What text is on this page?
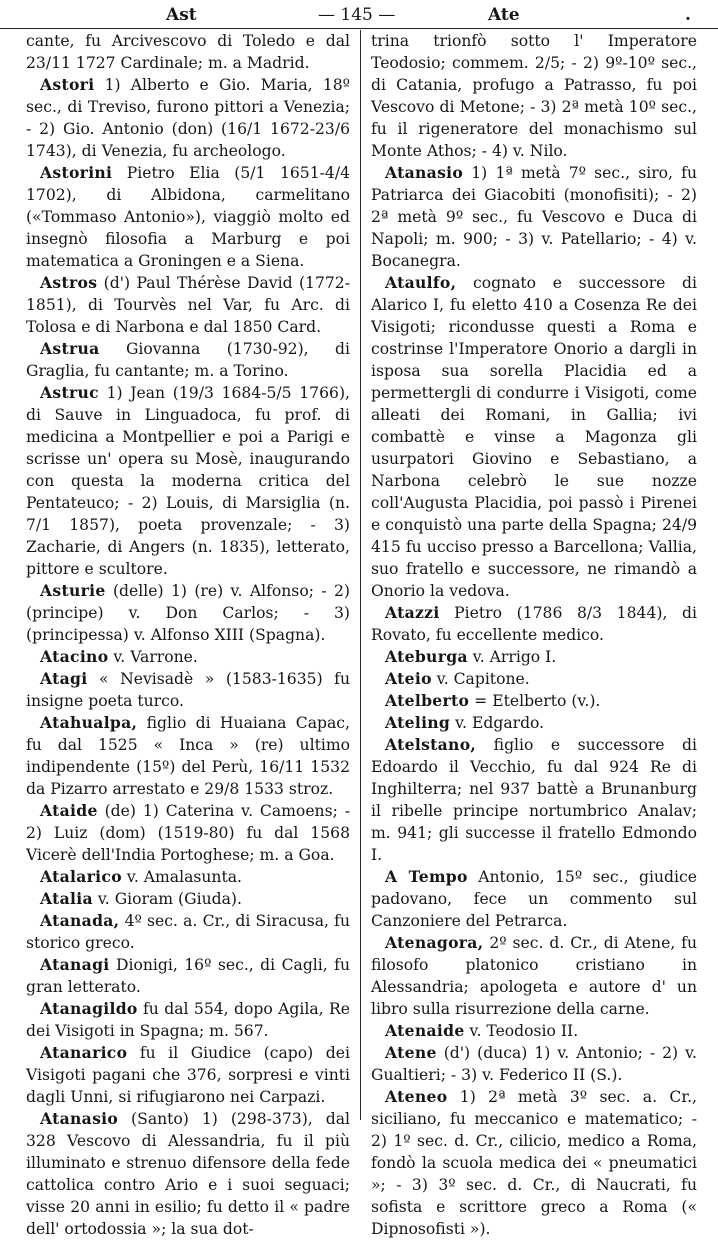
Ast	— 145 —	Ate	.
cante, fu Arcivescovo di Toledo e dal 23/11 1727 Cardinale; m. a Madrid.
Astori 1) Alberto e Gio. Maria, 18º sec., di Treviso, furono pittori a Venezia; - 2) Gio. Antonio (don) (16/1 1672-23/6 1743), di Venezia, fu archeologo.
Astorini Pietro Elia (5/1 1651-4/4 1702), di Albidona, carmelitano («Tommaso Antonio»), viaggiò molto ed insegnò filosofia a Marburg e poi matematica a Groningen e a Siena.
Astros (d') Paul Thérèse David (1772-1851), di Tourvès nel Var, fu Arc. di Tolosa e di Narbona e dal 1850 Card.
Astrua Giovanna (1730-92), di Graglia, fu cantante; m. a Torino.
Astruc 1) Jean (19/3 1684-5/5 1766), di Sauve in Linguadoca, fu prof. di medicina a Montpellier e poi a Parigi e scrisse un' opera su Mosè, inaugurando con questa la moderna critica del Pentateuco; - 2) Louis, di Marsiglia (n. 7/1 1857), poeta provenzale; - 3) Zacharie, di Angers (n. 1835), letterato, pittore e scultore.
Asturie (delle) 1) (re) v. Alfonso; - 2) (principe) v. Don Carlos; - 3) (principessa) v. Alfonso XIII (Spagna).
Atacino v. Varrone.
Atagi « Nevisadè » (1583-1635) fu insigne poeta turco.
Atahualpa, figlio di Huaiana Capac, fu dal 1525 « Inca » (re) ultimo indipendente (15º) del Perù, 16/11 1532 da Pizarro arrestato e 29/8 1533 stroz.
Ataide (de) 1) Caterina v. Camoens; - 2) Luiz (dom) (1519-80) fu dal 1568 Vicerè dell'India Portoghese; m. a Goa.
Atalarico v. Amalasunta.
Atalia v. Gioram (Giuda).
Atanada, 4º sec. a. Cr., di Siracusa, fu storico greco.
Atanagi Dionigi, 16º sec., di Cagli, fu gran letterato.
Atanagildo fu dal 554, dopo Agila, Re dei Visigoti in Spagna; m. 567.
Atanarico fu il Giudice (capo) dei Visigoti pagani che 376, sorpresi e vinti dagli Unni, si rifugiarono nei Carpazi.
Atanasio (Santo) 1) (298-373), dal 328 Vescovo di Alessandria, fu il più illuminato e strenuo difensore della fede cattolica contro Ario e i suoi seguaci; visse 20 anni in esilio; fu detto il « padre dell' ortodossia »; la sua dot-
trina trionfò sotto l' Imperatore Teodosio; commem. 2/5; - 2) 9º-10º sec., di Catania, profugo a Patrasso, fu poi Vescovo di Metone; - 3) 2ª metà 10º sec., fu il rigeneratore del monachismo sul Monte Athos; - 4) v. Nilo.
Atanasio 1) 1ª metà 7º sec., siro, fu Patriarca dei Giacobiti (monofisiti); - 2) 2ª metà 9º sec., fu Vescovo e Duca di Napoli; m. 900; - 3) v. Patellario; - 4) v. Bocanegra.
Ataulfo, cognato e successore di Alarico I, fu eletto 410 a Cosenza Re dei Visigoti; ricondusse questi a Roma e costrinse l'Imperatore Onorio a dargli in isposa sua sorella Placidia ed a permettergli di condurre i Visigoti, come alleati dei Romani, in Gallia; ivi combattè e vinse a Magonza gli usurpatori Giovino e Sebastiano, a Narbona celebrò le sue nozze coll'Augusta Placidia, poi passò i Pirenei e conquistò una parte della Spagna; 24/9 415 fu ucciso presso a Barcellona; Vallia, suo fratello e successore, ne rimandò a Onorio la vedova.
Atazzi Pietro (1786 8/3 1844), di Rovato, fu eccellente medico.
Ateburga v. Arrigo I.
Ateio v. Capitone.
Atelberto = Etelberto (v.).
Ateling v. Edgardo.
Atelstano, figlio e successore di Edoardo il Vecchio, fu dal 924 Re di Inghilterra; nel 937 battè a Brunanburg il ribelle principe nortumbrico Analav; m. 941; gli successe il fratello Edmondo I.
A Tempo Antonio, 15º sec., giudice padovano, fece un commento sul Canzoniere del Petrarca.
Atenagora, 2º sec. d. Cr., di Atene, fu filosofo platonico cristiano in Alessandria; apologeta e autore d' un libro sulla risurrezione della carne.
Atenaide v. Teodosio II.
Atene (d') (duca) 1) v. Antonio; - 2) v. Gualtieri; - 3) v. Federico II (S.).
Ateneo 1) 2ª metà 3º sec. a. Cr., siciliano, fu meccanico e matematico; - 2) 1º sec. d. Cr., cilicio, medico a Roma, fondò la scuola medica dei « pneumatici »; - 3) 3º sec. d. Cr., di Naucrati, fu sofista e scrittore greco a Roma (« Dipnosofisti »).
